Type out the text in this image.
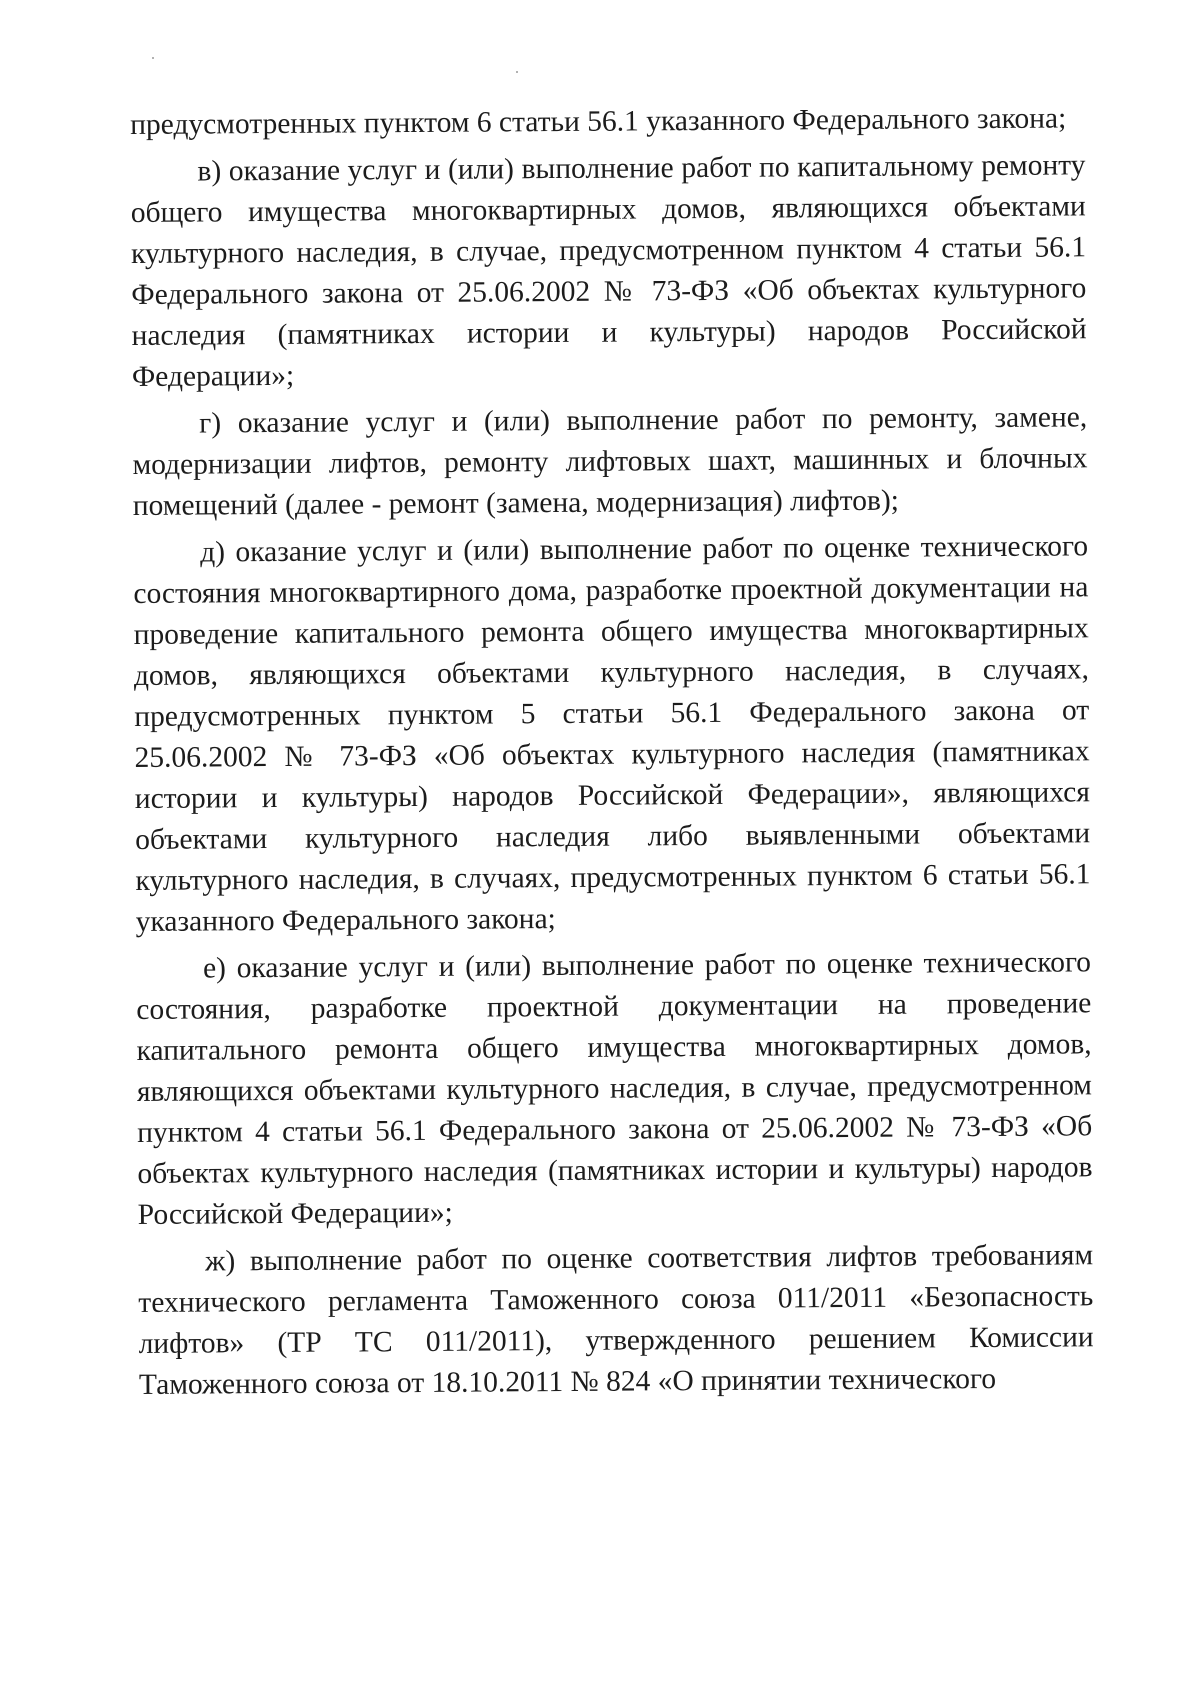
предусмотренных пунктом 6 статьи 56.1 указанного Федерального закона;

в) оказание услуг и (или) выполнение работ по капитальному ремонту общего имущества многоквартирных домов, являющихся объектами культурного наследия, в случае, предусмотренном пунктом 4 статьи 56.1 Федерального закона от 25.06.2002 № 73-ФЗ «Об объектах культурного наследия (памятниках истории и культуры) народов Российской Федерации»;

г) оказание услуг и (или) выполнение работ по ремонту, замене, модернизации лифтов, ремонту лифтовых шахт, машинных и блочных помещений (далее - ремонт (замена, модернизация) лифтов);

д) оказание услуг и (или) выполнение работ по оценке технического состояния многоквартирного дома, разработке проектной документации на проведение капитального ремонта общего имущества многоквартирных домов, являющихся объектами культурного наследия, в случаях, предусмотренных пунктом 5 статьи 56.1 Федерального закона от 25.06.2002 № 73-ФЗ «Об объектах культурного наследия (памятниках истории и культуры) народов Российской Федерации», являющихся объектами культурного наследия либо выявленными объектами культурного наследия, в случаях, предусмотренных пунктом 6 статьи 56.1 указанного Федерального закона;

е) оказание услуг и (или) выполнение работ по оценке технического состояния, разработке проектной документации на проведение капитального ремонта общего имущества многоквартирных домов, являющихся объектами культурного наследия, в случае, предусмотренном пунктом 4 статьи 56.1 Федерального закона от 25.06.2002 № 73-ФЗ «Об объектах культурного наследия (памятниках истории и культуры) народов Российской Федерации»;

ж) выполнение работ по оценке соответствия лифтов требованиям технического регламента Таможенного союза 011/2011 «Безопасность лифтов» (ТР ТС 011/2011), утвержденного решением Комиссии Таможенного союза от 18.10.2011 № 824 «О принятии технического
